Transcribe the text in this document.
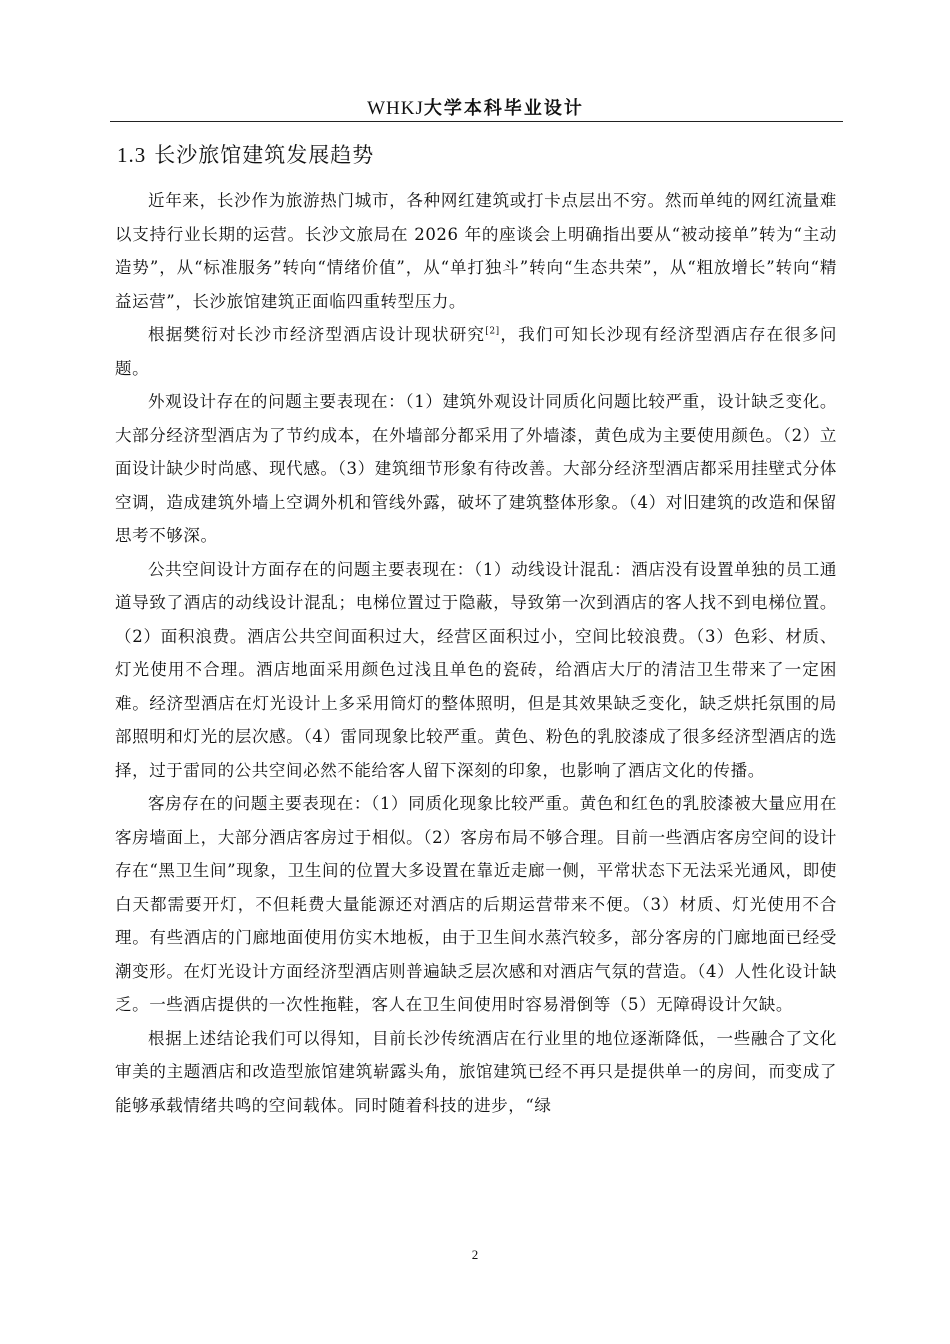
WHKJ大学本科毕业设计
1.3 长沙旅馆建筑发展趋势

近年来，长沙作为旅游热门城市，各种网红建筑或打卡点层出不穷。然而单纯的网红流量难以支持行业长期的运营。长沙文旅局在 2026 年的座谈会上明确指出要从“被动接单”转为“主动造势”，从“标准服务”转向“情绪价值”，从“单打独斗”转向“生态共荣”，从“粗放增长”转向“精益运营”，长沙旅馆建筑正面临四重转型压力。

根据樊衍对长沙市经济型酒店设计现状研究[2]，我们可知长沙现有经济型酒店存在很多问题。

外观设计存在的问题主要表现在：（1）建筑外观设计同质化问题比较严重，设计缺乏变化。大部分经济型酒店为了节约成本，在外墙部分都采用了外墙漆，黄色成为主要使用颜色。（2）立面设计缺少时尚感、现代感。（3）建筑细节形象有待改善。大部分经济型酒店都采用挂壁式分体空调，造成建筑外墙上空调外机和管线外露，破坏了建筑整体形象。（4）对旧建筑的改造和保留思考不够深。

公共空间设计方面存在的问题主要表现在：（1）动线设计混乱：酒店没有设置单独的员工通道导致了酒店的动线设计混乱；电梯位置过于隐蔽，导致第一次到酒店的客人找不到电梯位置。（2）面积浪费。酒店公共空间面积过大，经营区面积过小，空间比较浪费。（3）色彩、材质、灯光使用不合理。酒店地面采用颜色过浅且单色的瓷砖，给酒店大厅的清洁卫生带来了一定困难。经济型酒店在灯光设计上多采用筒灯的整体照明，但是其效果缺乏变化，缺乏烘托氛围的局部照明和灯光的层次感。（4）雷同现象比较严重。黄色、粉色的乳胶漆成了很多经济型酒店的选择，过于雷同的公共空间必然不能给客人留下深刻的印象，也影响了酒店文化的传播。

客房存在的问题主要表现在：（1）同质化现象比较严重。黄色和红色的乳胶漆被大量应用在客房墙面上，大部分酒店客房过于相似。（2）客房布局不够合理。目前一些酒店客房空间的设计存在“黑卫生间”现象，卫生间的位置大多设置在靠近走廊一侧，平常状态下无法采光通风，即使白天都需要开灯，不但耗费大量能源还对酒店的后期运营带来不便。（3）材质、灯光使用不合理。有些酒店的门廊地面使用仿实木地板，由于卫生间水蒸汽较多，部分客房的门廊地面已经受潮变形。在灯光设计方面经济型酒店则普遍缺乏层次感和对酒店气氛的营造。（4）人性化设计缺乏。一些酒店提供的一次性拖鞋，客人在卫生间使用时容易滑倒等（5）无障碍设计欠缺。

根据上述结论我们可以得知，目前长沙传统酒店在行业里的地位逐渐降低，一些融合了文化审美的主题酒店和改造型旅馆建筑崭露头角，旅馆建筑已经不再只是提供单一的房间，而变成了能够承载情绪共鸣的空间载体。同时随着科技的进步，“绿

2
